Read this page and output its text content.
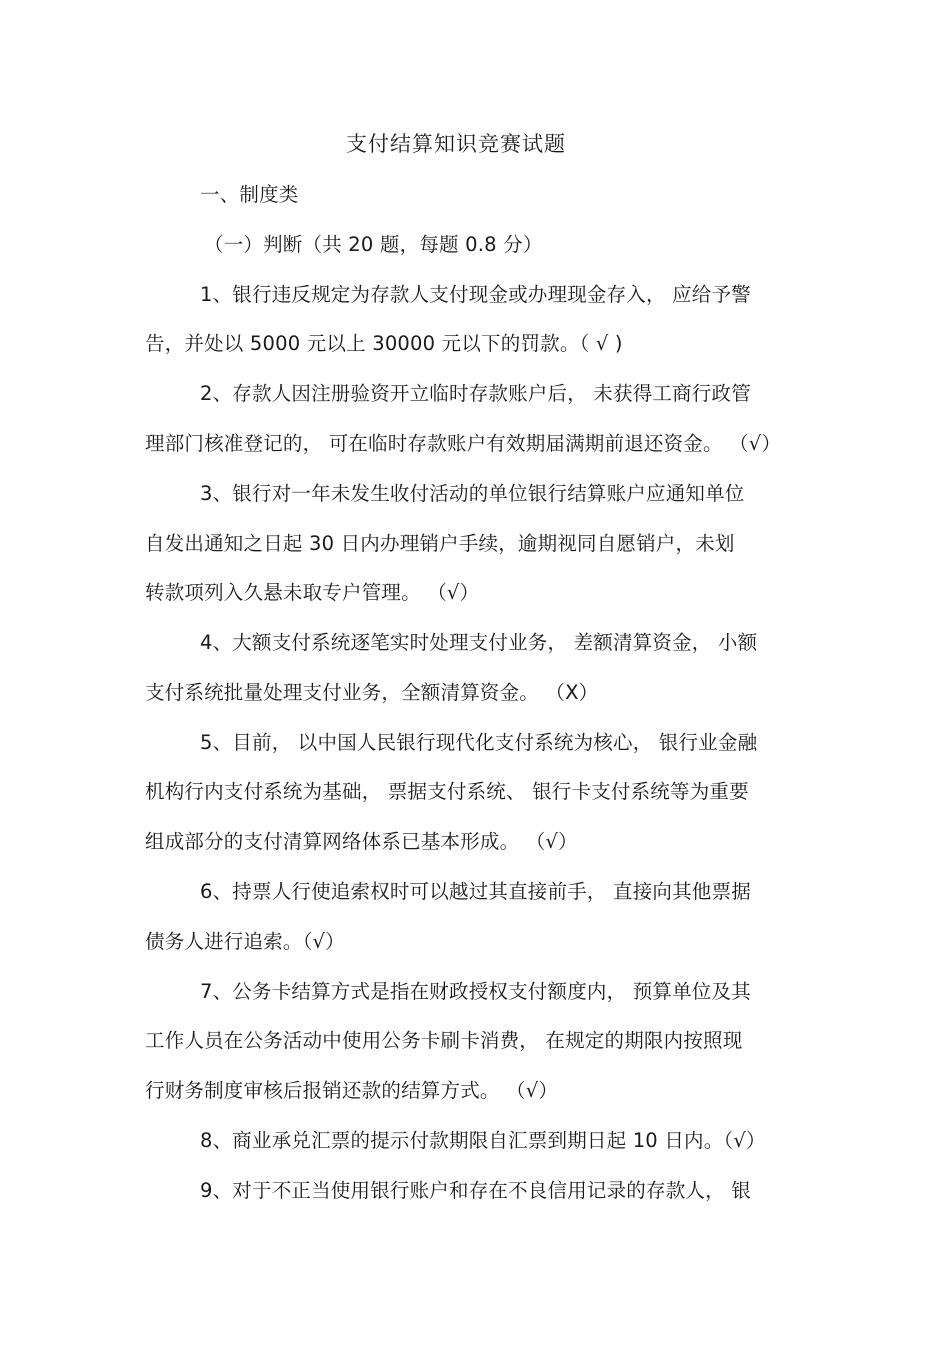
支付结算知识竞赛试题
一、制度类
（一）判断（共 20 题，每题 0.8 分）
1、银行违反规定为存款人支付现金或办理现金存入， 应给予警
告，并处以 5000 元以上 30000 元以下的罚款。（ √ )
2、存款人因注册验资开立临时存款账户后， 未获得工商行政管
理部门核准登记的， 可在临时存款账户有效期届满期前退还资金。 （√）
3、银行对一年未发生收付活动的单位银行结算账户应通知单位
自发出通知之日起 30 日内办理销户手续，逾期视同自愿销户，未划
转款项列入久悬未取专户管理。 （√）
4、大额支付系统逐笔实时处理支付业务， 差额清算资金， 小额
支付系统批量处理支付业务，全额清算资金。 （X）
5、目前， 以中国人民银行现代化支付系统为核心， 银行业金融
机构行内支付系统为基础， 票据支付系统、 银行卡支付系统等为重要
组成部分的支付清算网络体系已基本形成。 （√）
6、持票人行使追索权时可以越过其直接前手， 直接向其他票据
债务人进行追索。（√）
7、公务卡结算方式是指在财政授权支付额度内， 预算单位及其
工作人员在公务活动中使用公务卡刷卡消费， 在规定的期限内按照现
行财务制度审核后报销还款的结算方式。 （√）
8、商业承兑汇票的提示付款期限自汇票到期日起 10 日内。（√）
9、对于不正当使用银行账户和存在不良信用记录的存款人， 银
